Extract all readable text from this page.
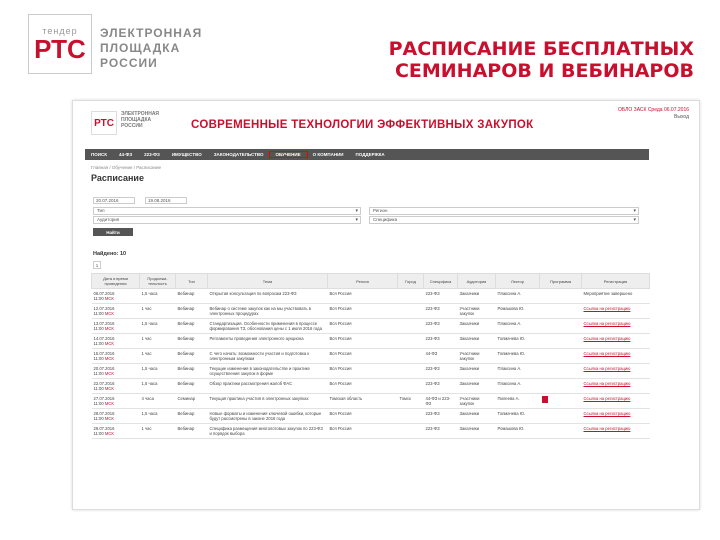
тендер
РТС
ЭЛЕКТРОННАЯ
ПЛОЩАДКА
РОССИИ
РАСПИСАНИЕ БЕСПЛАТНЫХ
СЕМИНАРОВ И ВЕБИНАРОВ
РТС
ЭЛЕКТРОННАЯ
ПЛОЩАДКА
РОССИИ	СОВРЕМЕННЫЕ ТЕХНОЛОГИИ ЭФФЕКТИВНЫХ ЗАКУПОК
ОБЛО ЗАСК Среда 06.07.2016
Выход
ПОИСК	44-ФЗ	223-ФЗ	ИМУЩЕСТВО	ЗАКОНОДАТЕЛЬСТВО	ОБУЧЕНИЕ	О КОМПАНИИ	ПОДДЕРЖКА
Главная / Обучение / Расписание
Расписание
20.07.2016	19.08.2016
Тип ▾	Регион ▾
Аудитория ▾	Специфика ▾
Найти
Найдено: 10
1
Дата и время проведения	Продолжи-тельность	Тип	Тема	Регион	Город	Специфика	Аудитория	Лектор	Программа	Регистрация

06.07.2016
11:00 МСК	1,5 часа	Вебинар	Открытая консультация по вопросам 223-ФЗ	Вся Россия		223-ФЗ	Заказчики	Плаксина А.		Мероприятие завершено

12.07.2016
11:00 МСК	1 час	Вебинар	Вебинар о системе закупок как на мы участвовать в электронных процедурах	Вся Россия		223-ФЗ	Участники закупок	Ромашова Ю.		Ссылка на регистрацию

13.07.2016
11:00 МСК	1,5 часа	Вебинар	Стандартизация. Особенности применения в процессе формирования ТЗ, обоснования цены с 1 июля 2016 года	Вся Россия		223-ФЗ	Заказчики	Плаксина А.		Ссылка на регистрацию

14.07.2016
11:00 МСК	1 час	Вебинар	Регламенты проведения электронного аукциона	Вся Россия		223-ФЗ	Заказчики	Толмачева Ю.		Ссылка на регистрацию

15.07.2016
11:00 МСК	1 час	Вебинар	С чего начать: возможности участия и подготовка к электронным закупкам	Вся Россия		44-ФЗ	Участники закупок	Толмачева Ю.		Ссылка на регистрацию

20.07.2016
11:00 МСК	1,5 часа	Вебинар	Текущие изменения в законодательстве и практике осуществления закупок в форме	Вся Россия		223-ФЗ	Заказчики	Плаксина А.		Ссылка на регистрацию

22.07.2016
11:00 МСК	1,5 часа	Вебинар	Обзор практики рассмотрения жалоб ФАС	Вся Россия		223-ФЗ	Заказчики	Плаксина А.		Ссылка на регистрацию

27.07.2016
11:00 МСК	4 часа	Семинар	Текущая практика участия в электронных закупках	Томская область	Томск	44-ФЗ и 223-ФЗ	Участники закупок	Пилеева А.		Ссылка на регистрацию

28.07.2016
11:00 МСК	1,5 часа	Вебинар	Новые форматы и изменения ключевой ошибки, которые будут рассмотрены в законе 2016 года	Вся Россия		223-ФЗ	Заказчики	Толмачева Ю.		Ссылка на регистрацию

29.07.2016
11:00 МСК	1 час	Вебинар	Специфика размещения многолотовых закупок по 223-ФЗ и порядок выбора	Вся Россия		223-ФЗ	Заказчики	Ромашова Ю.		Ссылка на регистрацию
